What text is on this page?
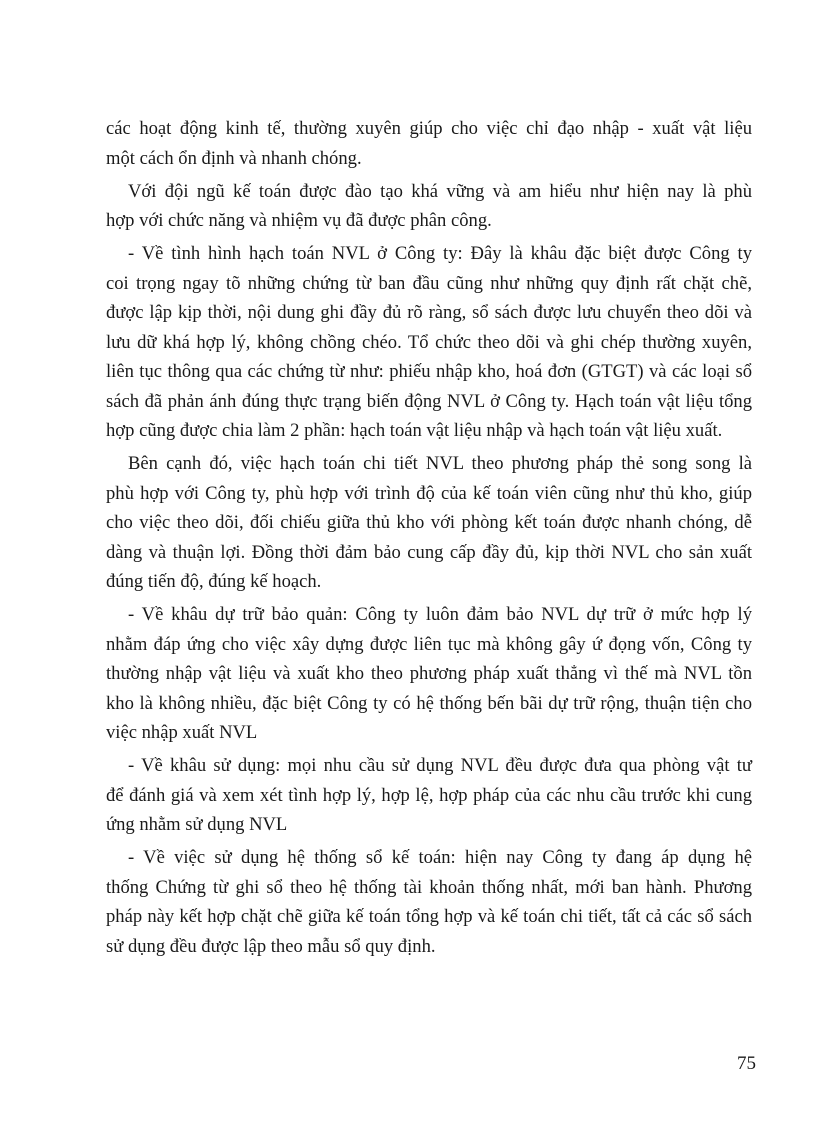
các hoạt động kinh tế, thường xuyên giúp cho việc chỉ đạo nhập - xuất vật liệu
một cách ổn định và nhanh chóng.
Với đội ngũ kế toán được đào tạo khá vững và am hiểu như hiện nay là phù
hợp với chức năng và nhiệm vụ đã được phân công.
- Về tình hình hạch toán NVL ở Công ty: Đây là khâu đặc biệt được Công ty
coi trọng ngay tõ những chứng từ ban đầu cũng như những quy định rất chặt chẽ,
được lập kịp thời, nội dung ghi đầy đủ rõ ràng, sổ sách được lưu chuyển theo dõi và
lưu dữ khá hợp lý, không chồng chéo. Tổ chức theo dõi và ghi chép thường xuyên,
liên tục thông qua các chứng từ như: phiếu nhập kho, hoá đơn (GTGT) và các loại sổ
sách đã phản ánh đúng thực trạng biến động NVL ở Công ty. Hạch toán vật liệu tổng
hợp cũng được chia làm 2 phần: hạch toán vật liệu nhập và hạch toán vật liệu xuất.
Bên cạnh đó, việc hạch toán chi tiết NVL theo phương pháp thẻ song song là
phù hợp với Công ty, phù hợp với trình độ của kế toán viên cũng như thủ kho, giúp
cho việc theo dõi, đối chiếu giữa thủ kho với phòng kết toán được nhanh chóng, dễ
dàng và thuận lợi. Đồng thời đảm bảo cung cấp đầy đủ, kịp thời NVL cho sản xuất
đúng tiến độ, đúng kế hoạch.
- Về khâu dự trữ bảo quản: Công ty luôn đảm bảo NVL dự trữ ở mức hợp lý
nhằm đáp ứng cho việc xây dựng được liên tục mà không gây ứ đọng vốn, Công ty
thường nhập vật liệu và xuất kho theo phương pháp xuất thẳng vì thế mà NVL tồn
kho là không nhiều, đặc biệt Công ty có hệ thống bến bãi dự trữ rộng, thuận tiện cho
việc nhập xuất NVL
- Về khâu sử dụng: mọi nhu cầu sử dụng NVL đều được đưa qua phòng vật tư
để đánh giá và xem xét tình hợp lý, hợp lệ, hợp pháp của các nhu cầu trước khi cung
ứng nhằm sử dụng NVL
- Về việc sử dụng hệ thống sổ kế toán: hiện nay Công ty đang áp dụng hệ
thống Chứng từ ghi sổ theo hệ thống tài khoản thống nhất, mới ban hành. Phương
pháp này kết hợp chặt chẽ giữa kế toán tổng hợp và kế toán chi tiết, tất cả các sổ sách
sử dụng đều được lập theo mẫu sổ quy định.
75
